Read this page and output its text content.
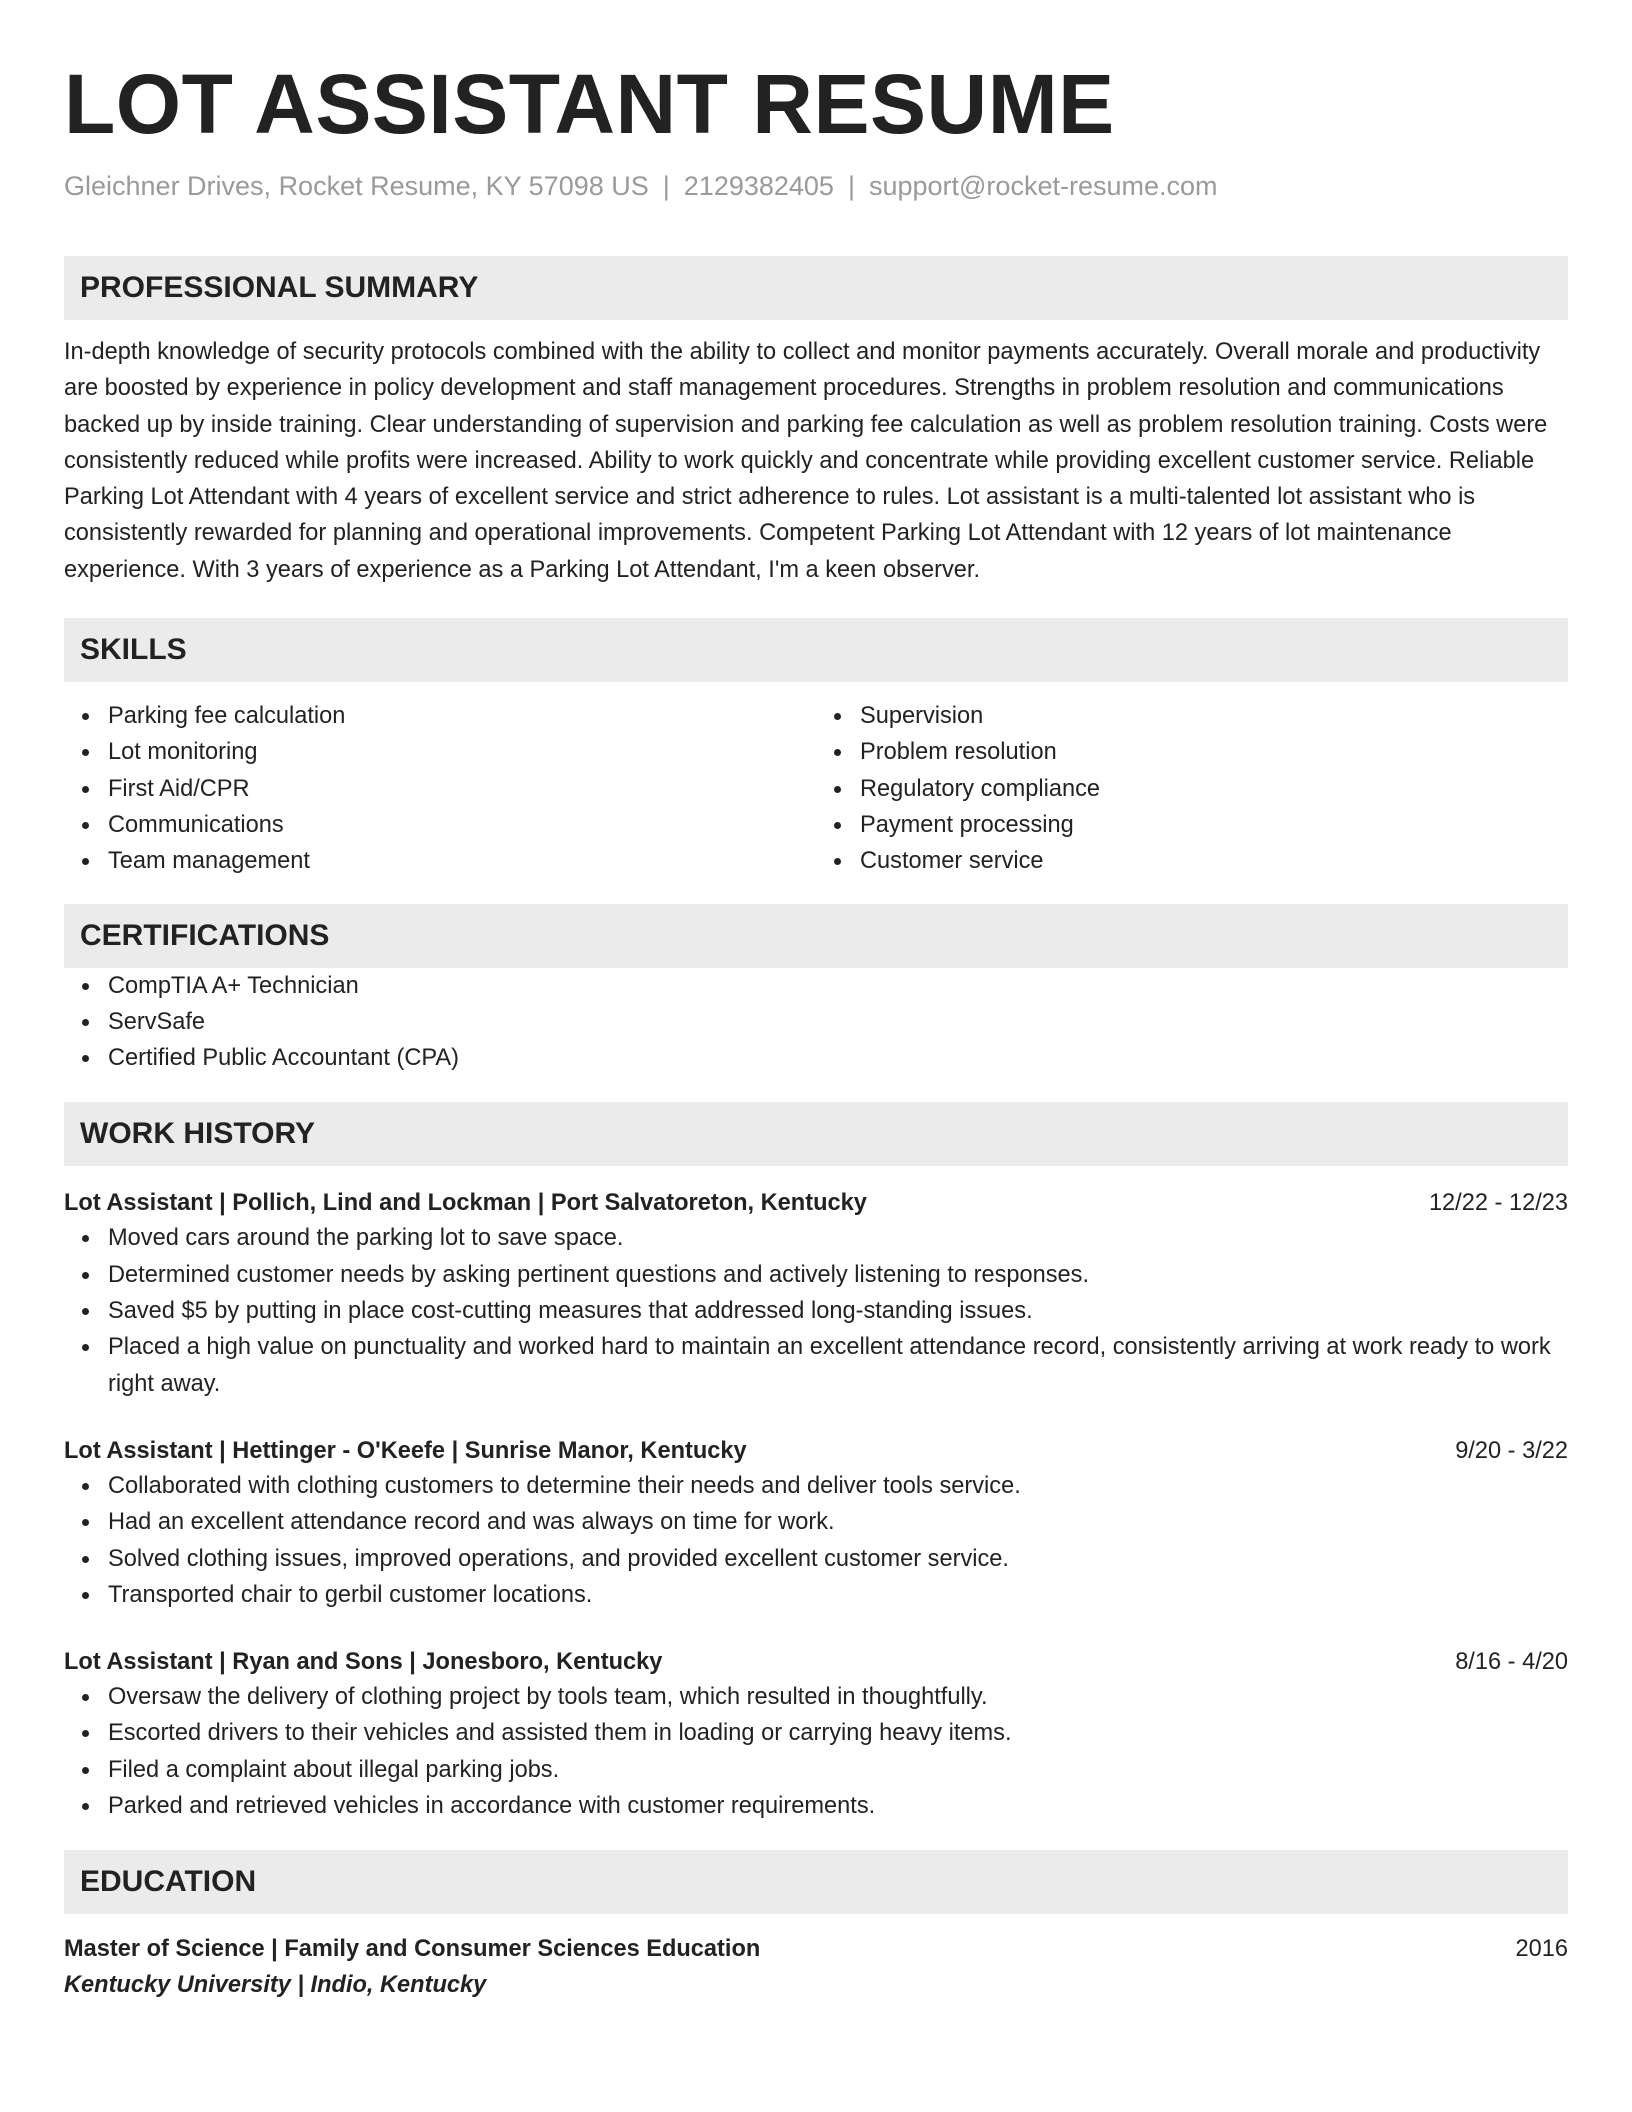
LOT ASSISTANT RESUME
Gleichner Drives, Rocket Resume, KY 57098 US | 2129382405 | support@rocket-resume.com
PROFESSIONAL SUMMARY
In-depth knowledge of security protocols combined with the ability to collect and monitor payments accurately. Overall morale and productivity are boosted by experience in policy development and staff management procedures. Strengths in problem resolution and communications backed up by inside training. Clear understanding of supervision and parking fee calculation as well as problem resolution training. Costs were consistently reduced while profits were increased. Ability to work quickly and concentrate while providing excellent customer service. Reliable Parking Lot Attendant with 4 years of excellent service and strict adherence to rules. Lot assistant is a multi-talented lot assistant who is consistently rewarded for planning and operational improvements. Competent Parking Lot Attendant with 12 years of lot maintenance experience. With 3 years of experience as a Parking Lot Attendant, I'm a keen observer.
SKILLS
Parking fee calculation
Lot monitoring
First Aid/CPR
Communications
Team management
Supervision
Problem resolution
Regulatory compliance
Payment processing
Customer service
CERTIFICATIONS
CompTIA A+ Technician
ServSafe
Certified Public Accountant (CPA)
WORK HISTORY
Lot Assistant | Pollich, Lind and Lockman | Port Salvatoreton, Kentucky	12/22 - 12/23
Moved cars around the parking lot to save space.
Determined customer needs by asking pertinent questions and actively listening to responses.
Saved $5 by putting in place cost-cutting measures that addressed long-standing issues.
Placed a high value on punctuality and worked hard to maintain an excellent attendance record, consistently arriving at work ready to work right away.
Lot Assistant | Hettinger - O'Keefe | Sunrise Manor, Kentucky	9/20 - 3/22
Collaborated with clothing customers to determine their needs and deliver tools service.
Had an excellent attendance record and was always on time for work.
Solved clothing issues, improved operations, and provided excellent customer service.
Transported chair to gerbil customer locations.
Lot Assistant | Ryan and Sons | Jonesboro, Kentucky	8/16 - 4/20
Oversaw the delivery of clothing project by tools team, which resulted in thoughtfully.
Escorted drivers to their vehicles and assisted them in loading or carrying heavy items.
Filed a complaint about illegal parking jobs.
Parked and retrieved vehicles in accordance with customer requirements.
EDUCATION
Master of Science | Family and Consumer Sciences Education	2016
Kentucky University | Indio, Kentucky
